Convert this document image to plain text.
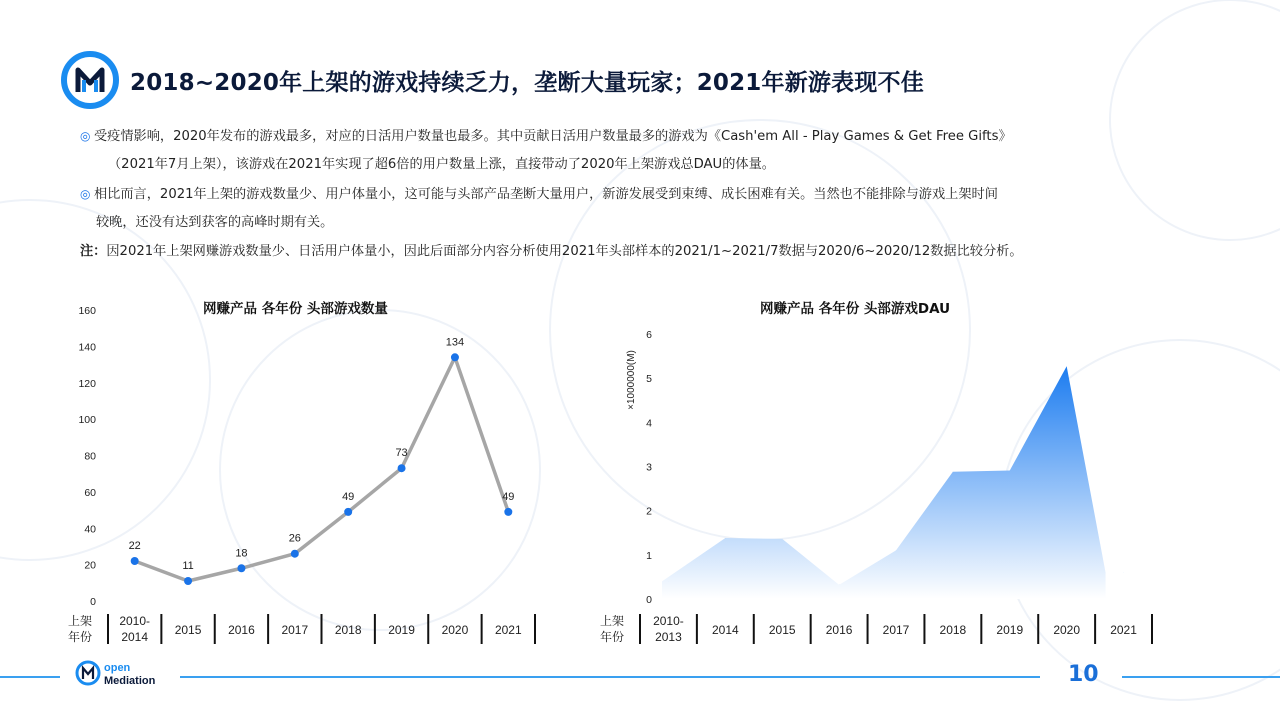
2018~2020年上架的游戏持续乏力，垄断大量玩家；2021年新游表现不佳
◎ 受疫情影响，2020年发布的游戏最多，对应的日活用户数量也最多。其中贡献日活用户数量最多的游戏为《Cash'em All - Play Games & Get Free Gifts》
（2021年7月上架），该游戏在2021年实现了超6倍的用户数量上涨，直接带动了2020年上架游戏总DAU的体量。
◎ 相比而言，2021年上架的游戏数量少、用户体量小，这可能与头部产品垄断大量用户，新游发展受到束缚、成长困难有关。当然也不能排除与游戏上架时间
较晚，还没有达到获客的高峰时期有关。
注：因2021年上架网赚游戏数量少、日活用户体量小，因此后面部分内容分析使用2021年头部样本的2021/1~2021/7数据与2020/6~2020/12数据比较分析。
网赚产品 各年份 头部游戏数量	网赚产品 各年份 头部游戏DAU
0
20
40
60
80
100
120
140
160
上架
年份
2010-
2014 2015 2016 2017 2018 2019 2020 2021
22
11
18
26
49
73
134
49
0
1
2
3
4
5
6
×1000000(M)
上架
年份
2010-
2013	2014	2015	2016	2017	2018	2019	2020	2021
open
Mediation	10
